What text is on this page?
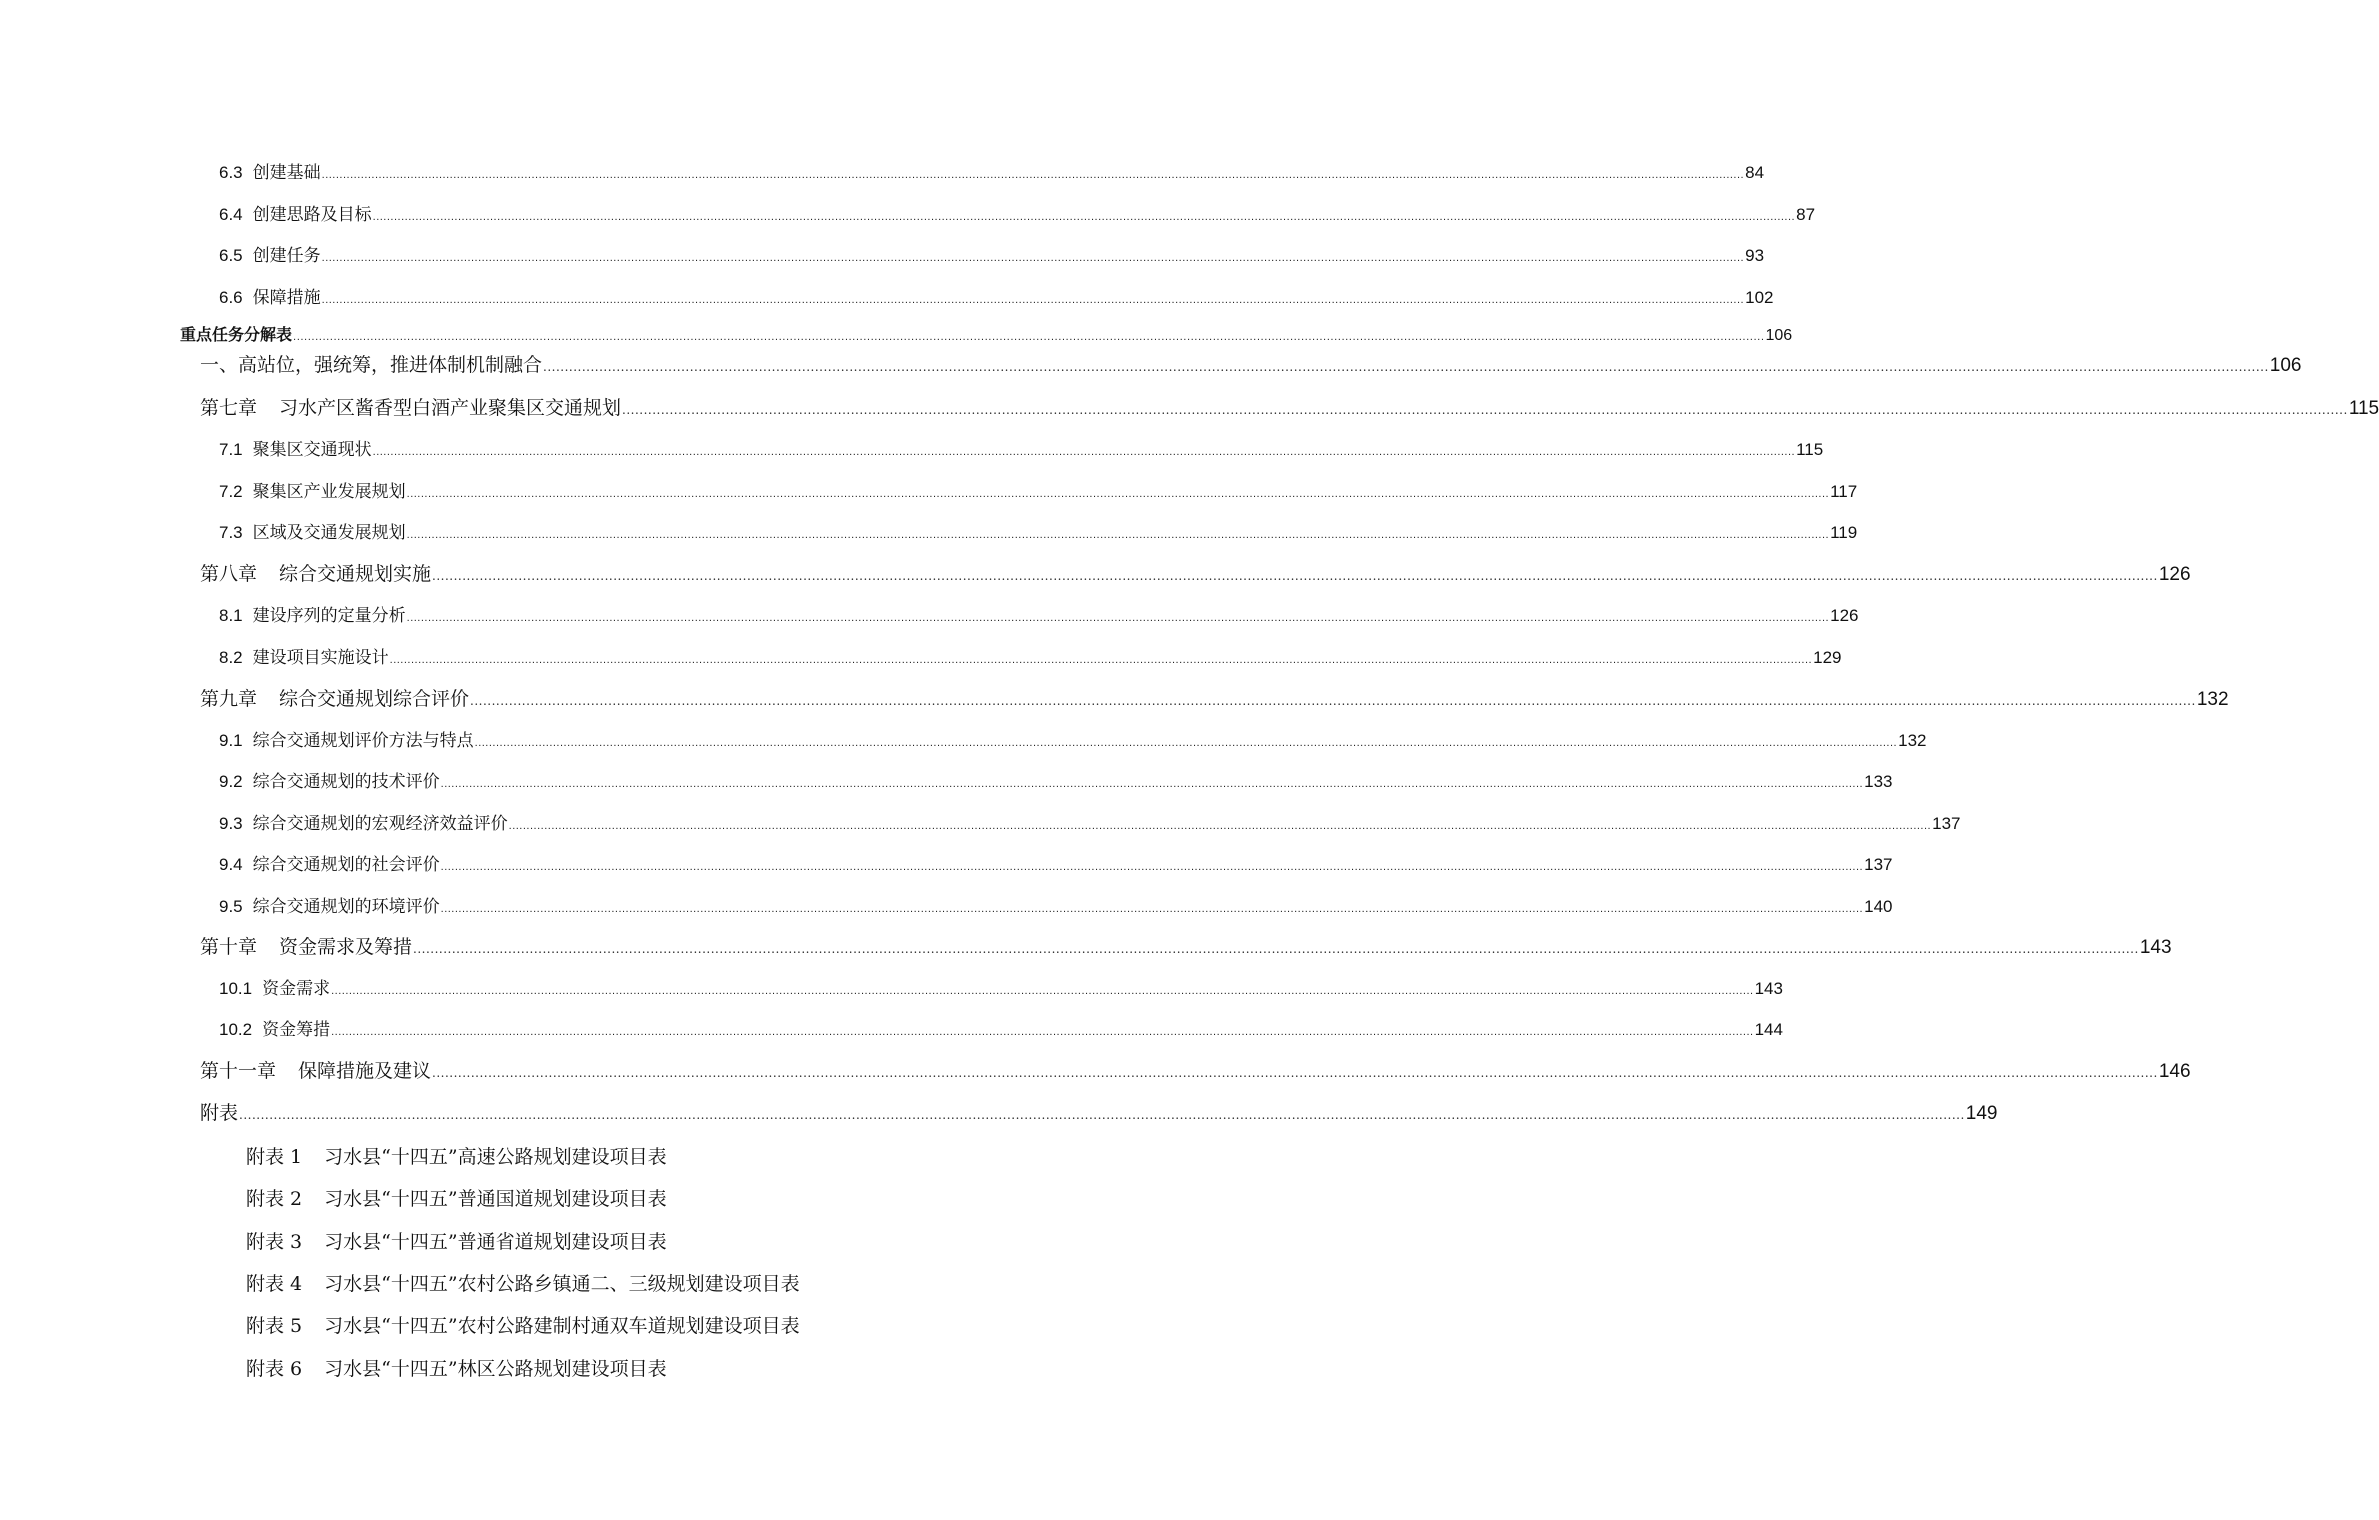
6.3 创建基础 ................................................................................................................................................................................................................................................................................................................................................................................................................ 84
6.4 创建思路及目标 ................................................................................................................................................................................................................................................................................................................................................................................................................ 87
6.5 创建任务 ................................................................................................................................................................................................................................................................................................................................................................................................................ 93
6.6 保障措施 ................................................................................................................................................................................................................................................................................................................................................................................................................ 102
重点任务分解表 ................................................................................................................................................................................................................................................................................................................................................................................................................ 106
一、高站位，强统筹，推进体制机制融合 ................................................................................................................................................................................................................................................................................................................................................................................................................ 106
第七章 习水产区酱香型白酒产业聚集区交通规划 ................................................................................................................................................................................................................................................................................................................................................................................................................ 115
7.1 聚集区交通现状 ................................................................................................................................................................................................................................................................................................................................................................................................................ 115
7.2 聚集区产业发展规划 ................................................................................................................................................................................................................................................................................................................................................................................................................ 117
7.3 区域及交通发展规划 ................................................................................................................................................................................................................................................................................................................................................................................................................ 119
第八章 综合交通规划实施 ................................................................................................................................................................................................................................................................................................................................................................................................................ 126
8.1 建设序列的定量分析 ................................................................................................................................................................................................................................................................................................................................................................................................................ 126
8.2 建设项目实施设计 ................................................................................................................................................................................................................................................................................................................................................................................................................ 129
第九章 综合交通规划综合评价 ................................................................................................................................................................................................................................................................................................................................................................................................................ 132
9.1 综合交通规划评价方法与特点 ................................................................................................................................................................................................................................................................................................................................................................................................................ 132
9.2 综合交通规划的技术评价 ................................................................................................................................................................................................................................................................................................................................................................................................................ 133
9.3 综合交通规划的宏观经济效益评价 ................................................................................................................................................................................................................................................................................................................................................................................................................ 137
9.4 综合交通规划的社会评价 ................................................................................................................................................................................................................................................................................................................................................................................................................ 137
9.5 综合交通规划的环境评价 ................................................................................................................................................................................................................................................................................................................................................................................................................ 140
第十章 资金需求及筹措 ................................................................................................................................................................................................................................................................................................................................................................................................................ 143
10.1 资金需求 ................................................................................................................................................................................................................................................................................................................................................................................................................ 143
10.2 资金筹措 ................................................................................................................................................................................................................................................................................................................................................................................................................ 144
第十一章 保障措施及建议 ................................................................................................................................................................................................................................................................................................................................................................................................................ 146
附表 ................................................................................................................................................................................................................................................................................................................................................................................................................ 149
附表 1 习水县“十四五”高速公路规划建设项目表
附表 2 习水县“十四五”普通国道规划建设项目表
附表 3 习水县“十四五”普通省道规划建设项目表
附表 4 习水县“十四五”农村公路乡镇通二、三级规划建设项目表
附表 5 习水县“十四五”农村公路建制村通双车道规划建设项目表
附表 6 习水县“十四五”林区公路规划建设项目表
